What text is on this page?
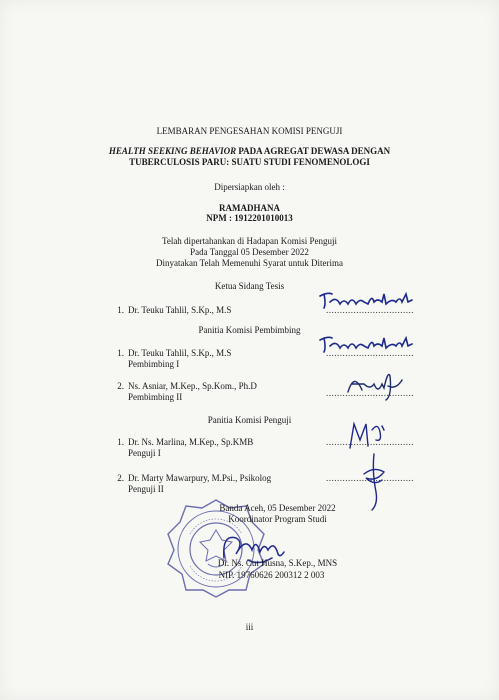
LEMBARAN PENGESAHAN KOMISI PENGUJI
HEALTH SEEKING BEHAVIOR PADA AGREGAT DEWASA DENGAN
TUBERCULOSIS PARU: SUATU STUDI FENOMENOLOGI
Dipersiapkan oleh :
RAMADHANA
NPM : 1912201010013
Telah dipertahankan di Hadapan Komisi Penguji
Pada Tanggal 05 Desember 2022
Dinyatakan Telah Memenuhi Syarat untuk Diterima
Ketua Sidang Tesis
1. Dr. Teuku Tahlil, S.Kp., M.S	................................
Panitia Komisi Pembimbing
1. Dr. Teuku Tahlil, S.Kp., M.S
Pembimbing I
................................
2. Ns. Asniar, M.Kep., Sp.Kom., Ph.D
Pembimbing II	................................
Panitia Komisi Penguji
1. Dr. Ns. Marlina, M.Kep., Sp.KMB
Penguji I
................................
2. Dr. Marty Mawarpury, M.Psi., Psikolog
Penguji II
................................
Banda Aceh, 05 Desember 2022
Koordinator Program Studi
Dr. Ns. Cut Husna, S.Kep., MNS
NIP. 19760626 200312 2 003
iii
